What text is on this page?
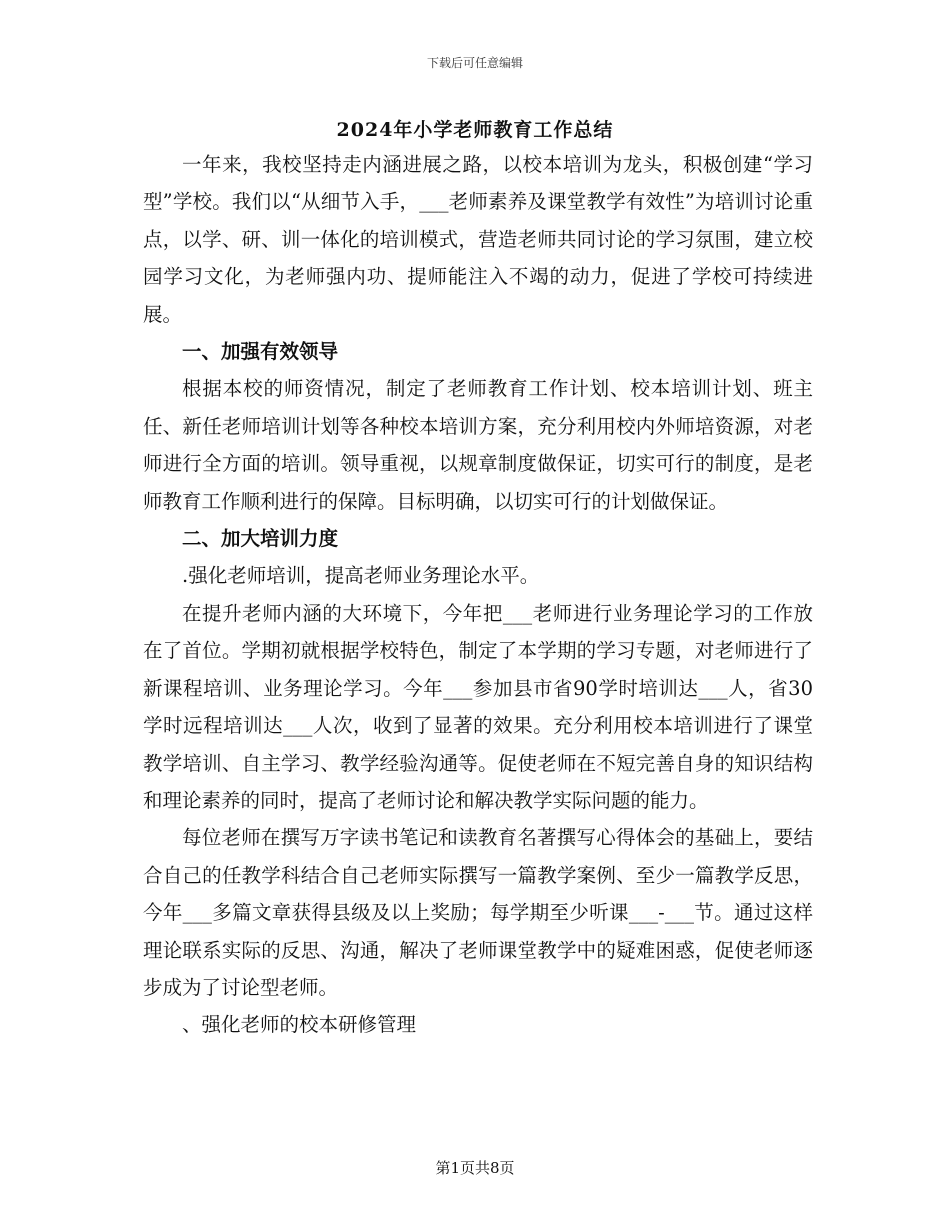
下载后可任意编辑
2024年小学老师教育工作总结

一年来，我校坚持走内涵进展之路，以校本培训为龙头，积极创建“学习型”学校。我们以“从细节入手，___老师素养及课堂教学有效性”为培训讨论重点，以学、研、训一体化的培训模式，营造老师共同讨论的学习氛围，建立校园学习文化，为老师强内功、提师能注入不竭的动力，促进了学校可持续进展。

一、加强有效领导

根据本校的师资情况，制定了老师教育工作计划、校本培训计划、班主任、新任老师培训计划等各种校本培训方案，充分利用校内外师培资源，对老师进行全方面的培训。领导重视，以规章制度做保证，切实可行的制度，是老师教育工作顺利进行的保障。目标明确，以切实可行的计划做保证。

二、加大培训力度

.强化老师培训，提高老师业务理论水平。

在提升老师内涵的大环境下，今年把___老师进行业务理论学习的工作放在了首位。学期初就根据学校特色，制定了本学期的学习专题，对老师进行了新课程培训、业务理论学习。今年___参加县市省90学时培训达___人，省30学时远程培训达___人次，收到了显著的效果。充分利用校本培训进行了课堂教学培训、自主学习、教学经验沟通等。促使老师在不短完善自身的知识结构和理论素养的同时，提高了老师讨论和解决教学实际问题的能力。

每位老师在撰写万字读书笔记和读教育名著撰写心得体会的基础上，要结合自己的任教学科结合自己老师实际撰写一篇教学案例、至少一篇教学反思，今年___多篇文章获得县级及以上奖励；每学期至少听课___-___节。通过这样理论联系实际的反思、沟通，解决了老师课堂教学中的疑难困惑，促使老师逐步成为了讨论型老师。

、强化老师的校本研修管理

第1页共8页
